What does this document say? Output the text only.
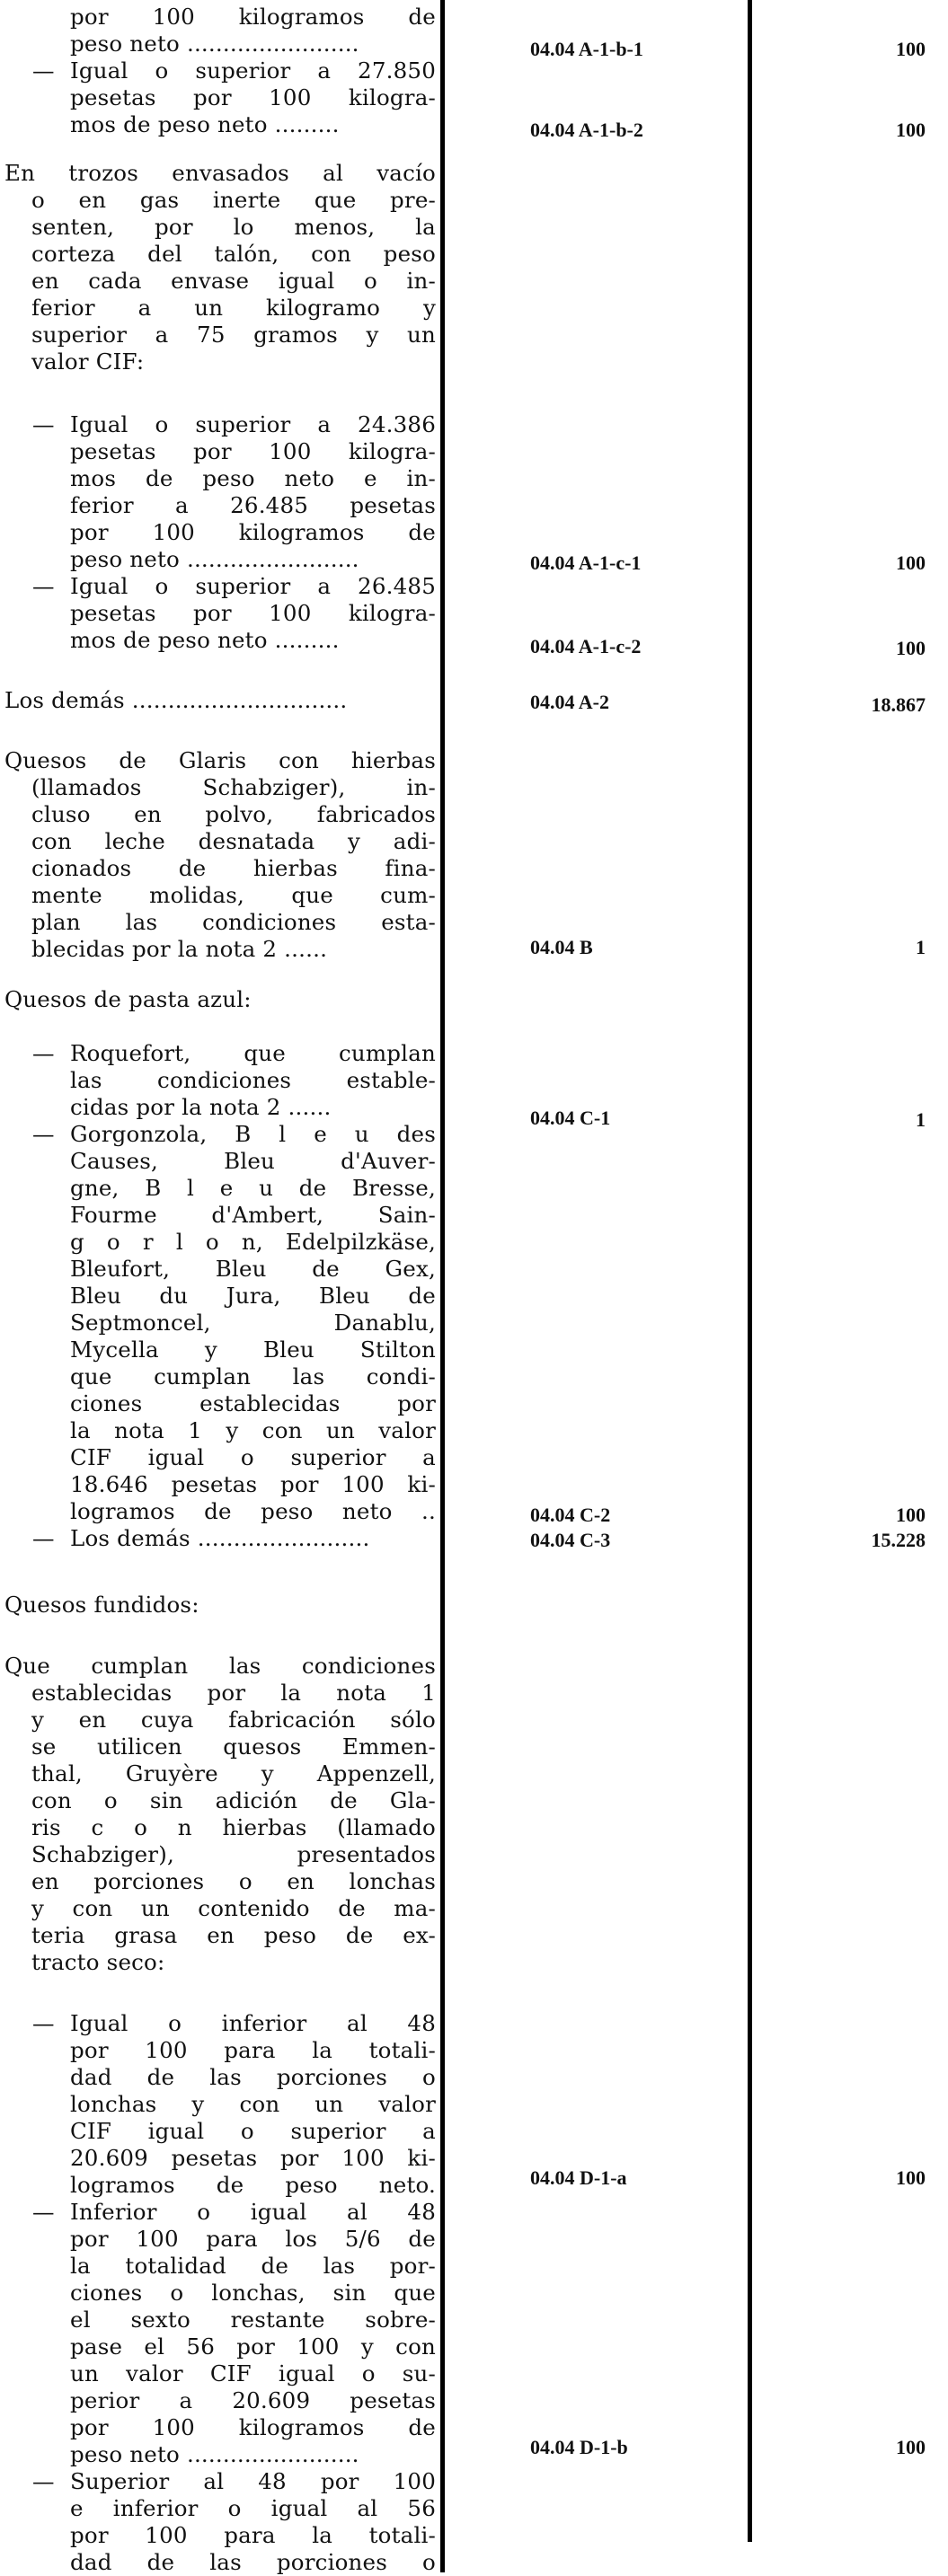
por 100 kilogramos de
peso neto ........................
— Igual o superior a 27.850
pesetas por 100 kilogra-
mos de peso neto .........
En trozos envasados al vacío
o en gas inerte que pre-
senten, por lo menos, la
corteza del talón, con peso
en cada envase igual o in-
ferior a un kilogramo y
superior a 75 gramos y un
valor CIF:
— Igual o superior a 24.386
pesetas por 100 kilogra-
mos de peso neto e in-
ferior a 26.485 pesetas
por 100 kilogramos de
peso neto ........................
— Igual o superior a 26.485
pesetas por 100 kilogra-
mos de peso neto .........
Los demás ..............................
Quesos de Glaris con hierbas
(llamados Schabziger), in-
cluso en polvo, fabricados
con leche desnatada y adi-
cionados de hierbas fina-
mente molidas, que cum-
plan las condiciones esta-
blecidas por la nota 2 ......
Quesos de pasta azul:
— Roquefort, que cumplan
las condiciones estable-
cidas por la nota 2 ......
— Gorgonzola, B l e u des
Causes, Bleu d'Auver-
gne, B l e u de Bresse,
Fourme d'Ambert, Sain-
g o r l o n, Edelpilzkäse,
Bleufort, Bleu de Gex,
Bleu du Jura, Bleu de
Septmoncel, Danablu,
Mycella y Bleu Stilton
que cumplan las condi-
ciones establecidas por
la nota 1 y con un valor
CIF igual o superior a
18.646 pesetas por 100 ki-
logramos de peso neto ..
— Los demás ........................
Quesos fundidos:
Que cumplan las condiciones
establecidas por la nota 1
y en cuya fabricación sólo
se utilicen quesos Emmen-
thal, Gruyère y Appenzell,
con o sin adición de Gla-
ris c o n hierbas (llamado
Schabziger), presentados
en porciones o en lonchas
y con un contenido de ma-
teria grasa en peso de ex-
tracto seco:
— Igual o inferior al 48
por 100 para la totali-
dad de las porciones o
lonchas y con un valor
CIF igual o superior a
20.609 pesetas por 100 ki-
logramos de peso neto.
— Inferior o igual al 48
por 100 para los 5/6 de
la totalidad de las por-
ciones o lonchas, sin que
el sexto restante sobre-
pase el 56 por 100 y con
un valor CIF igual o su-
perior a 20.609 pesetas
por 100 kilogramos de
peso neto ........................
— Superior al 48 por 100
e inferior o igual al 56
por 100 para la totali-
dad de las porciones o
04.04 A-1-b-1
04.04 A-1-b-2
04.04 A-1-c-1
04.04 A-1-c-2
04.04 A-2
04.04 B
04.04 C-1
04.04 C-2
04.04 C-3
04.04 D-1-a
04.04 D-1-b
100
100
100
100
18.867
1
1
100
15.228
100
100
